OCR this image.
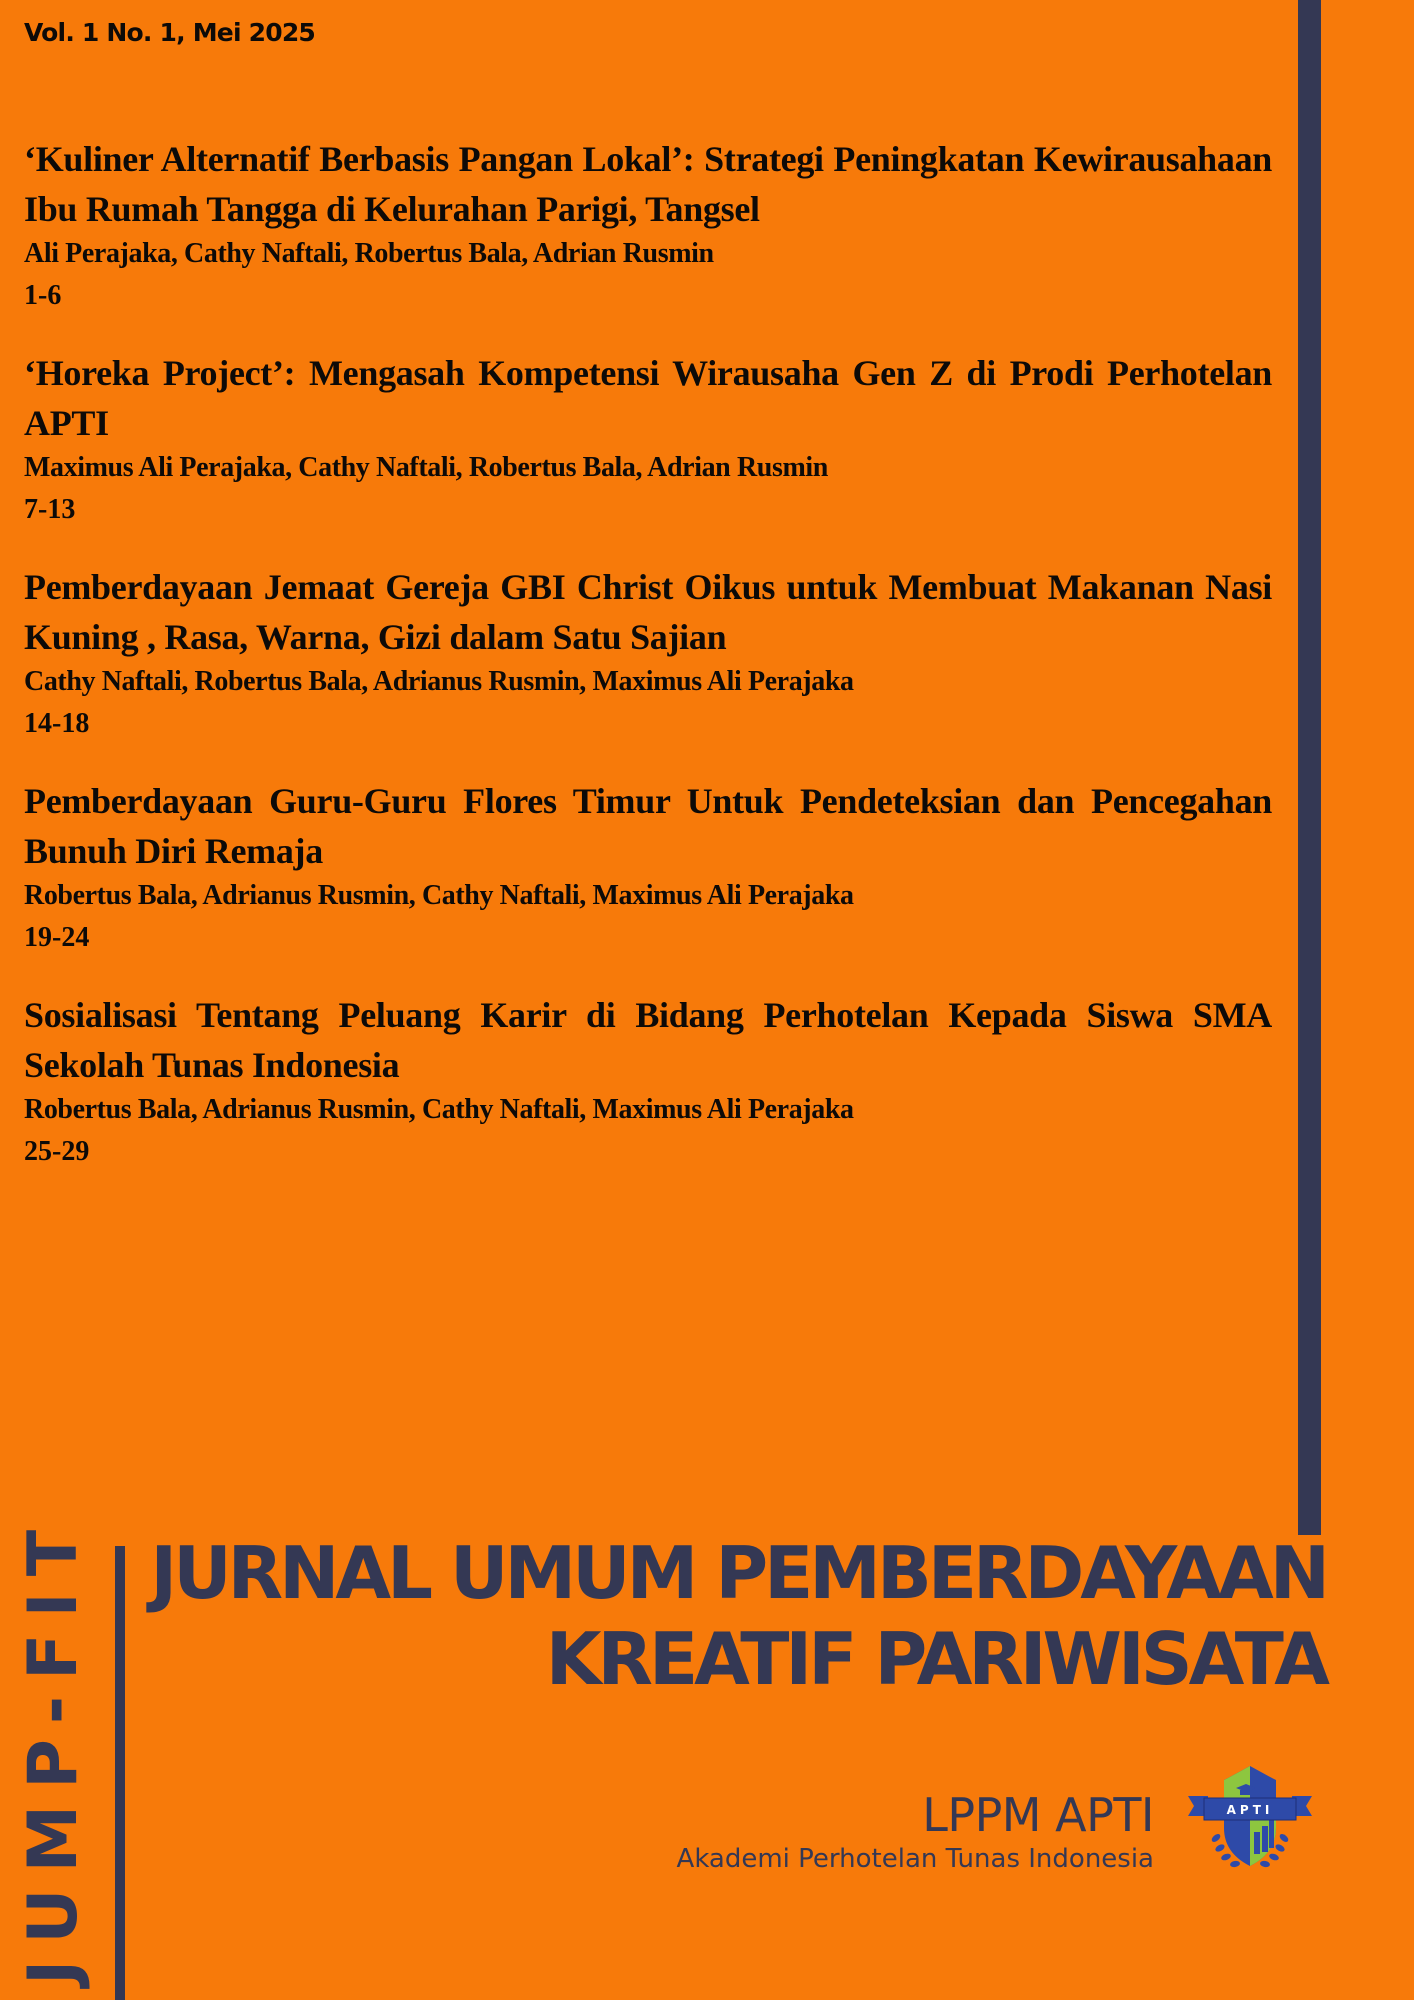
Vol. 1 No. 1, Mei 2025

‘Kuliner Alternatif Berbasis Pangan Lokal’: Strategi Peningkatan Kewirausahaan Ibu Rumah Tangga di Kelurahan Parigi, Tangsel

Ali Perajaka, Cathy Naftali, Robertus Bala, Adrian Rusmin

1-6

‘Horeka Project’: Mengasah Kompetensi Wirausaha Gen Z di Prodi Perhotelan APTI

Maximus Ali Perajaka, Cathy Naftali, Robertus Bala, Adrian Rusmin

7-13

Pemberdayaan Jemaat Gereja GBI Christ Oikus untuk Membuat Makanan Nasi Kuning , Rasa, Warna, Gizi dalam Satu Sajian

Cathy Naftali, Robertus Bala, Adrianus Rusmin, Maximus Ali Perajaka

14-18

Pemberdayaan Guru-Guru Flores Timur Untuk Pendeteksian dan Pencegahan Bunuh Diri Remaja

Robertus Bala, Adrianus Rusmin, Cathy Naftali, Maximus Ali Perajaka

19-24

Sosialisasi Tentang Peluang Karir di Bidang Perhotelan Kepada Siswa SMA Sekolah Tunas Indonesia

Robertus Bala, Adrianus Rusmin, Cathy Naftali, Maximus Ali Perajaka

25-29

JUMP-FIT JURNAL UMUM PEMBERDAYAAN
KREATIF PARIWISATA
LPPM APTI
Akademi Perhotelan Tunas Indonesia
APTI
